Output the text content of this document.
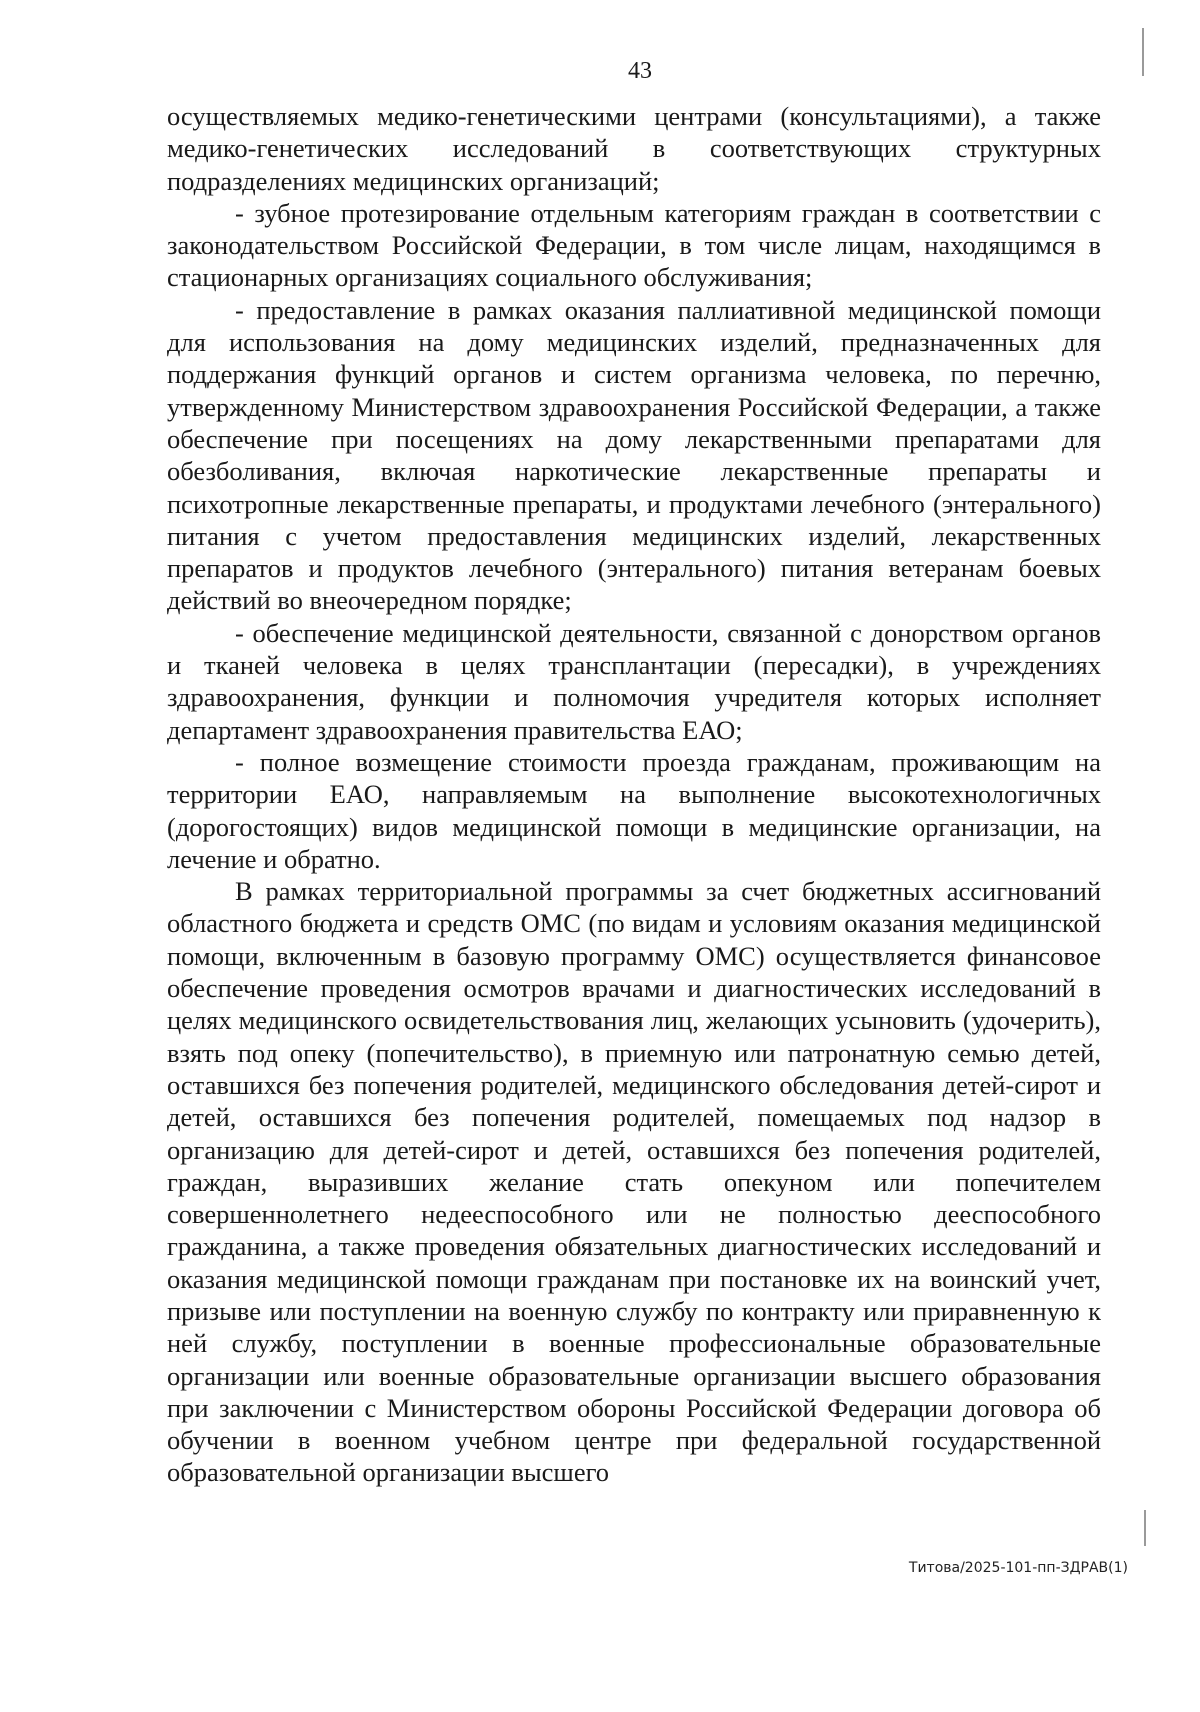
43

осуществляемых медико-генетическими центрами (консультациями), а также медико-генетических исследований в соответствующих структурных подразделениях медицинских организаций;

- зубное протезирование отдельным категориям граждан в соответствии с законодательством Российской Федерации, в том числе лицам, находящимся в стационарных организациях социального обслуживания;

- предоставление в рамках оказания паллиативной медицинской помощи для использования на дому медицинских изделий, предназначенных для поддержания функций органов и систем организма человека, по перечню, утвержденному Министерством здравоохранения Российской Федерации, а также обеспечение при посещениях на дому лекарственными препаратами для обезболивания, включая наркотические лекарственные препараты и психотропные лекарственные препараты, и продуктами лечебного (энтерального) питания с учетом предоставления медицинских изделий, лекарственных препаратов и продуктов лечебного (энтерального) питания ветеранам боевых действий во внеочередном порядке;

- обеспечение медицинской деятельности, связанной с донорством органов и тканей человека в целях трансплантации (пересадки), в учреждениях здравоохранения, функции и полномочия учредителя которых исполняет департамент здравоохранения правительства ЕАО;

- полное возмещение стоимости проезда гражданам, проживающим на территории ЕАО, направляемым на выполнение высокотехнологичных (дорогостоящих) видов медицинской помощи в медицинские организации, на лечение и обратно.

В рамках территориальной программы за счет бюджетных ассигнований областного бюджета и средств ОМС (по видам и условиям оказания медицинской помощи, включенным в базовую программу ОМС) осуществляется финансовое обеспечение проведения осмотров врачами и диагностических исследований в целях медицинского освидетельствования лиц, желающих усыновить (удочерить), взять под опеку (попечительство), в приемную или патронатную семью детей, оставшихся без попечения родителей, медицинского обследования детей-сирот и детей, оставшихся без попечения родителей, помещаемых под надзор в организацию для детей-сирот и детей, оставшихся без попечения родителей, граждан, выразивших желание стать опекуном или попечителем совершеннолетнего недееспособного или не полностью дееспособного гражданина, а также проведения обязательных диагностических исследований и оказания медицинской помощи гражданам при постановке их на воинский учет, призыве или поступлении на военную службу по контракту или приравненную к ней службу, поступлении в военные профессиональные образовательные организации или военные образовательные организации высшего образования при заключении с Министерством обороны Российской Федерации договора об обучении в военном учебном центре при федеральной государственной образовательной организации высшего

Титова/2025-101-пп-ЗДРАВ(1)
